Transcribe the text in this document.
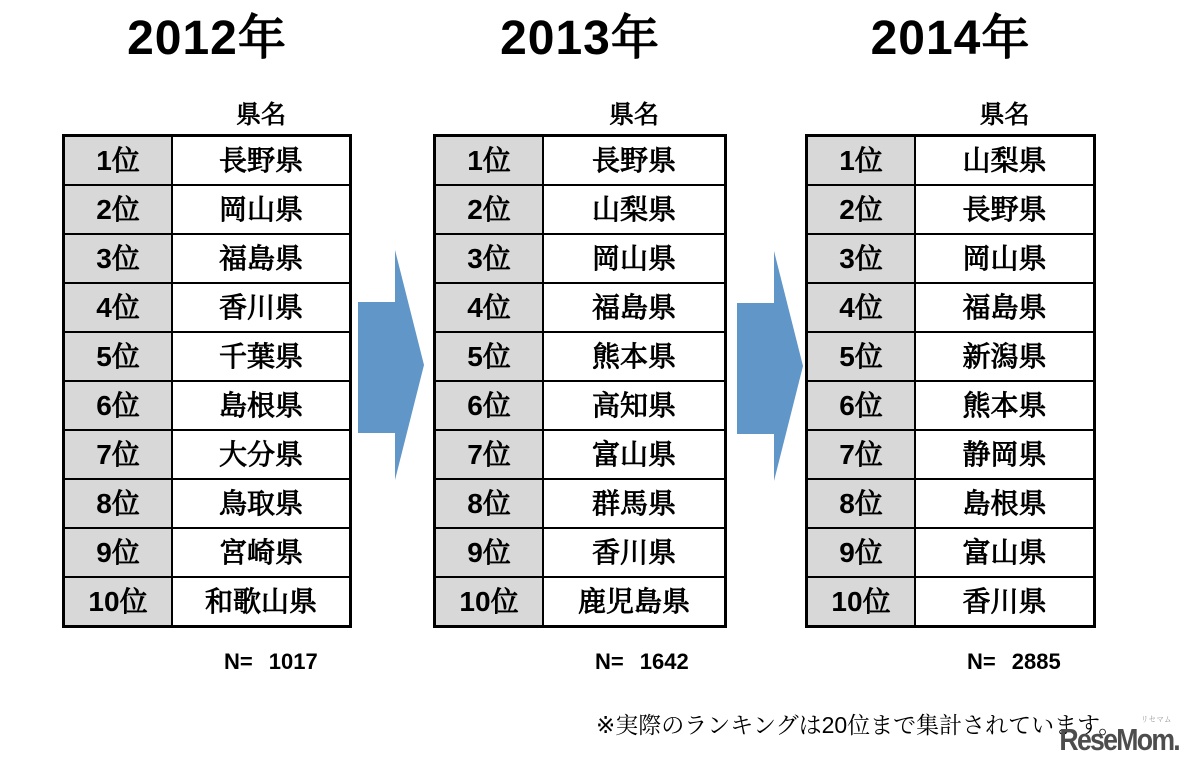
2012年
県名
1位	長野県
2位	岡山県
3位	福島県
4位	香川県
5位	千葉県
6位	島根県
7位	大分県
8位	鳥取県
9位	宮崎県
10位	和歌山県
N= 1017
2013年
県名
1位	長野県
2位	山梨県
3位	岡山県
4位	福島県
5位	熊本県
6位	高知県
7位	富山県
8位	群馬県
9位	香川県
10位	鹿児島県
N= 1642
2014年
県名
1位	山梨県
2位	長野県
3位	岡山県
4位	福島県
5位	新潟県
6位	熊本県
7位	静岡県
8位	島根県
9位	富山県
10位	香川県
N= 2885
※実際のランキングは20位まで集計されています。 リセマム
ReseMom.
